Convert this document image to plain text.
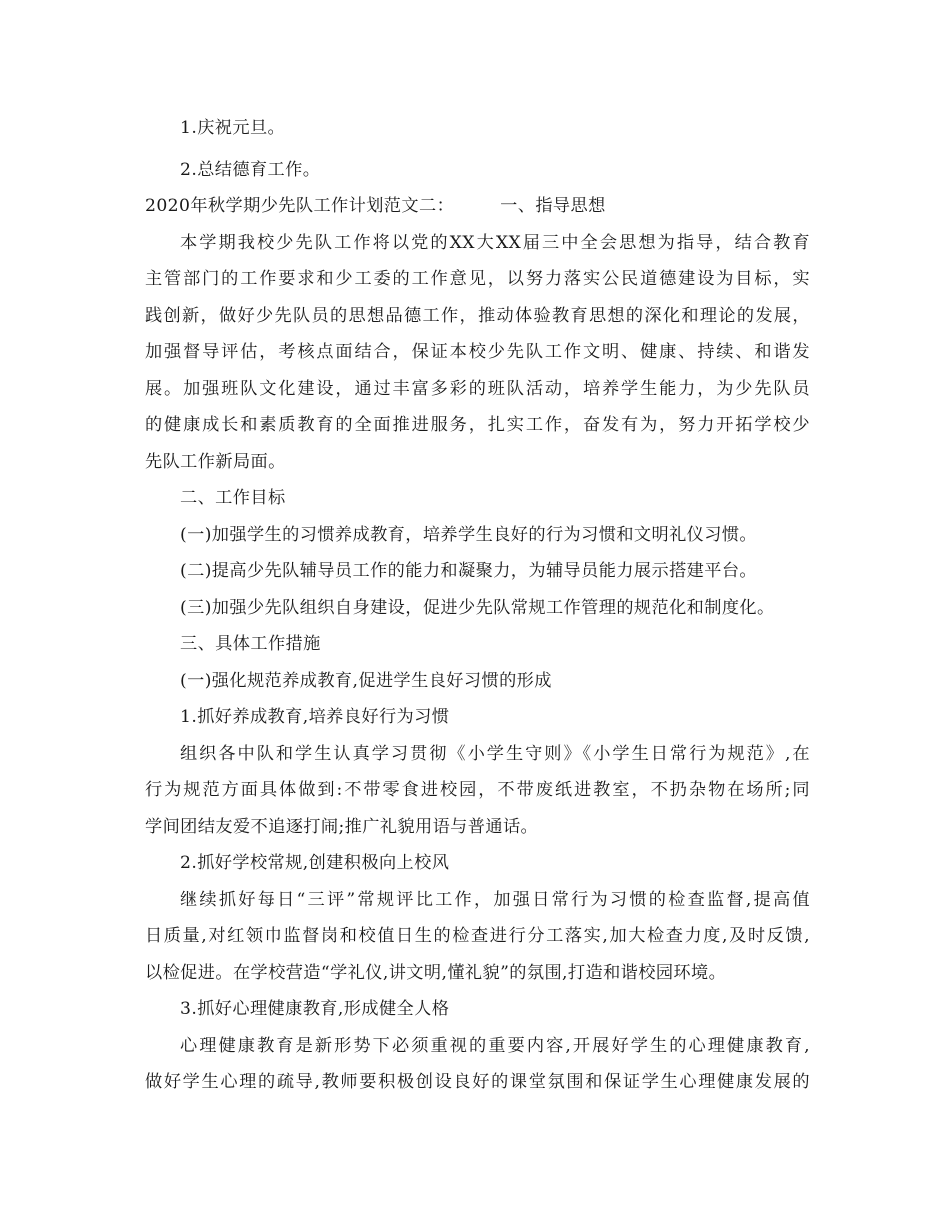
1.庆祝元旦。
2.总结德育工作。
2020年秋学期少先队工作计划范文二：	一、指导思想
本学期我校少先队工作将以党的XX大XX届三中全会思想为指导，结合教育
主管部门的工作要求和少工委的工作意见，以努力落实公民道德建设为目标，实
践创新，做好少先队员的思想品德工作，推动体验教育思想的深化和理论的发展，
加强督导评估，考核点面结合，保证本校少先队工作文明、健康、持续、和谐发
展。加强班队文化建设，通过丰富多彩的班队活动，培养学生能力，为少先队员
的健康成长和素质教育的全面推进服务，扎实工作，奋发有为，努力开拓学校少
先队工作新局面。
二、工作目标
(一)加强学生的习惯养成教育，培养学生良好的行为习惯和文明礼仪习惯。
(二)提高少先队辅导员工作的能力和凝聚力，为辅导员能力展示搭建平台。
(三)加强少先队组织自身建设，促进少先队常规工作管理的规范化和制度化。
三、具体工作措施
(一)强化规范养成教育,促进学生良好习惯的形成
1.抓好养成教育,培养良好行为习惯
组织各中队和学生认真学习贯彻《小学生守则》《小学生日常行为规范》,在
行为规范方面具体做到:不带零食进校园，不带废纸进教室，不扔杂物在场所;同
学间团结友爱不追逐打闹;推广礼貌用语与普通话。
2.抓好学校常规,创建积极向上校风
继续抓好每日“三评”常规评比工作，加强日常行为习惯的检查监督,提高值
日质量,对红领巾监督岗和校值日生的检查进行分工落实,加大检查力度,及时反馈,
以检促进。在学校营造“学礼仪,讲文明,懂礼貌”的氛围,打造和谐校园环境。
3.抓好心理健康教育,形成健全人格
心理健康教育是新形势下必须重视的重要内容,开展好学生的心理健康教育,
做好学生心理的疏导,教师要积极创设良好的课堂氛围和保证学生心理健康发展的
